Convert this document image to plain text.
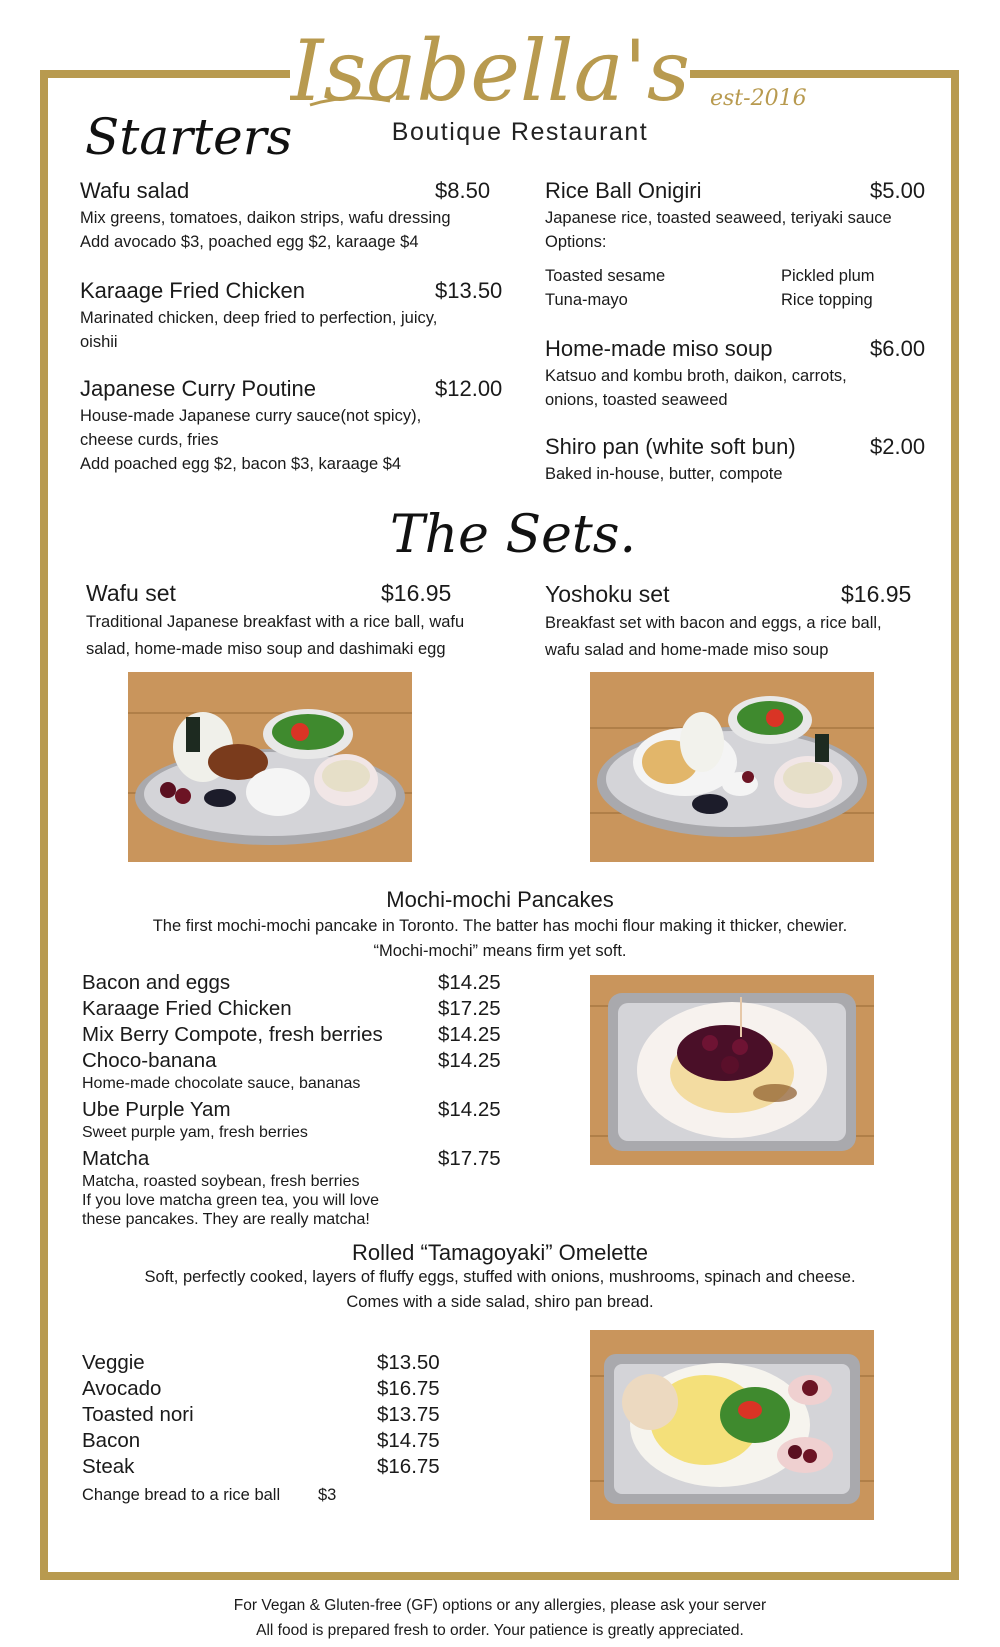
Isabella's
Boutique Restaurant
est-2016
Starters
Wafu salad	$8.50
Mix greens, tomatoes, daikon strips, wafu dressing
Add avocado $3, poached egg $2, karaage $4
Karaage Fried Chicken	$13.50
Marinated chicken, deep fried to perfection, juicy,
oishii
Japanese Curry Poutine	$12.00
House-made Japanese curry sauce(not spicy),
cheese curds, fries
Add poached egg $2, bacon $3, karaage $4
Rice Ball Onigiri	$5.00
Japanese rice, toasted seaweed, teriyaki sauce
Options:
Toasted sesame	Pickled plum
Tuna-mayo	Rice topping
Home-made miso soup	$6.00
Katsuo and kombu broth, daikon, carrots,
onions, toasted seaweed
Shiro pan (white soft bun)	$2.00
Baked in-house, butter, compote
The Sets.
Wafu set	$16.95
Traditional Japanese breakfast with a rice ball, wafu
salad, home-made miso soup and dashimaki egg
Yoshoku set	$16.95
Breakfast set with bacon and eggs, a rice ball,
wafu salad and home-made miso soup
Mochi-mochi Pancakes
The first mochi-mochi pancake in Toronto. The batter has mochi flour making it thicker, chewier.
“Mochi-mochi” means firm yet soft.
Bacon and eggs	$14.25
Karaage Fried Chicken	$17.25
Mix Berry Compote, fresh berries	$14.25
Choco-banana	$14.25
Home-made chocolate sauce, bananas
Ube Purple Yam	$14.25
Sweet purple yam, fresh berries
Matcha	$17.75
Matcha, roasted soybean, fresh berries
If you love matcha green tea, you will love
these pancakes. They are really matcha!
Rolled “Tamagoyaki” Omelette
Soft, perfectly cooked, layers of fluffy eggs, stuffed with onions, mushrooms, spinach and cheese.
Comes with a side salad, shiro pan bread.
Veggie	$13.50
Avocado	$16.75
Toasted nori	$13.75
Bacon	$14.75
Steak	$16.75
Change bread to a rice ball $3
For Vegan & Gluten-free (GF) options or any allergies, please ask your server
All food is prepared fresh to order. Your patience is greatly appreciated.
